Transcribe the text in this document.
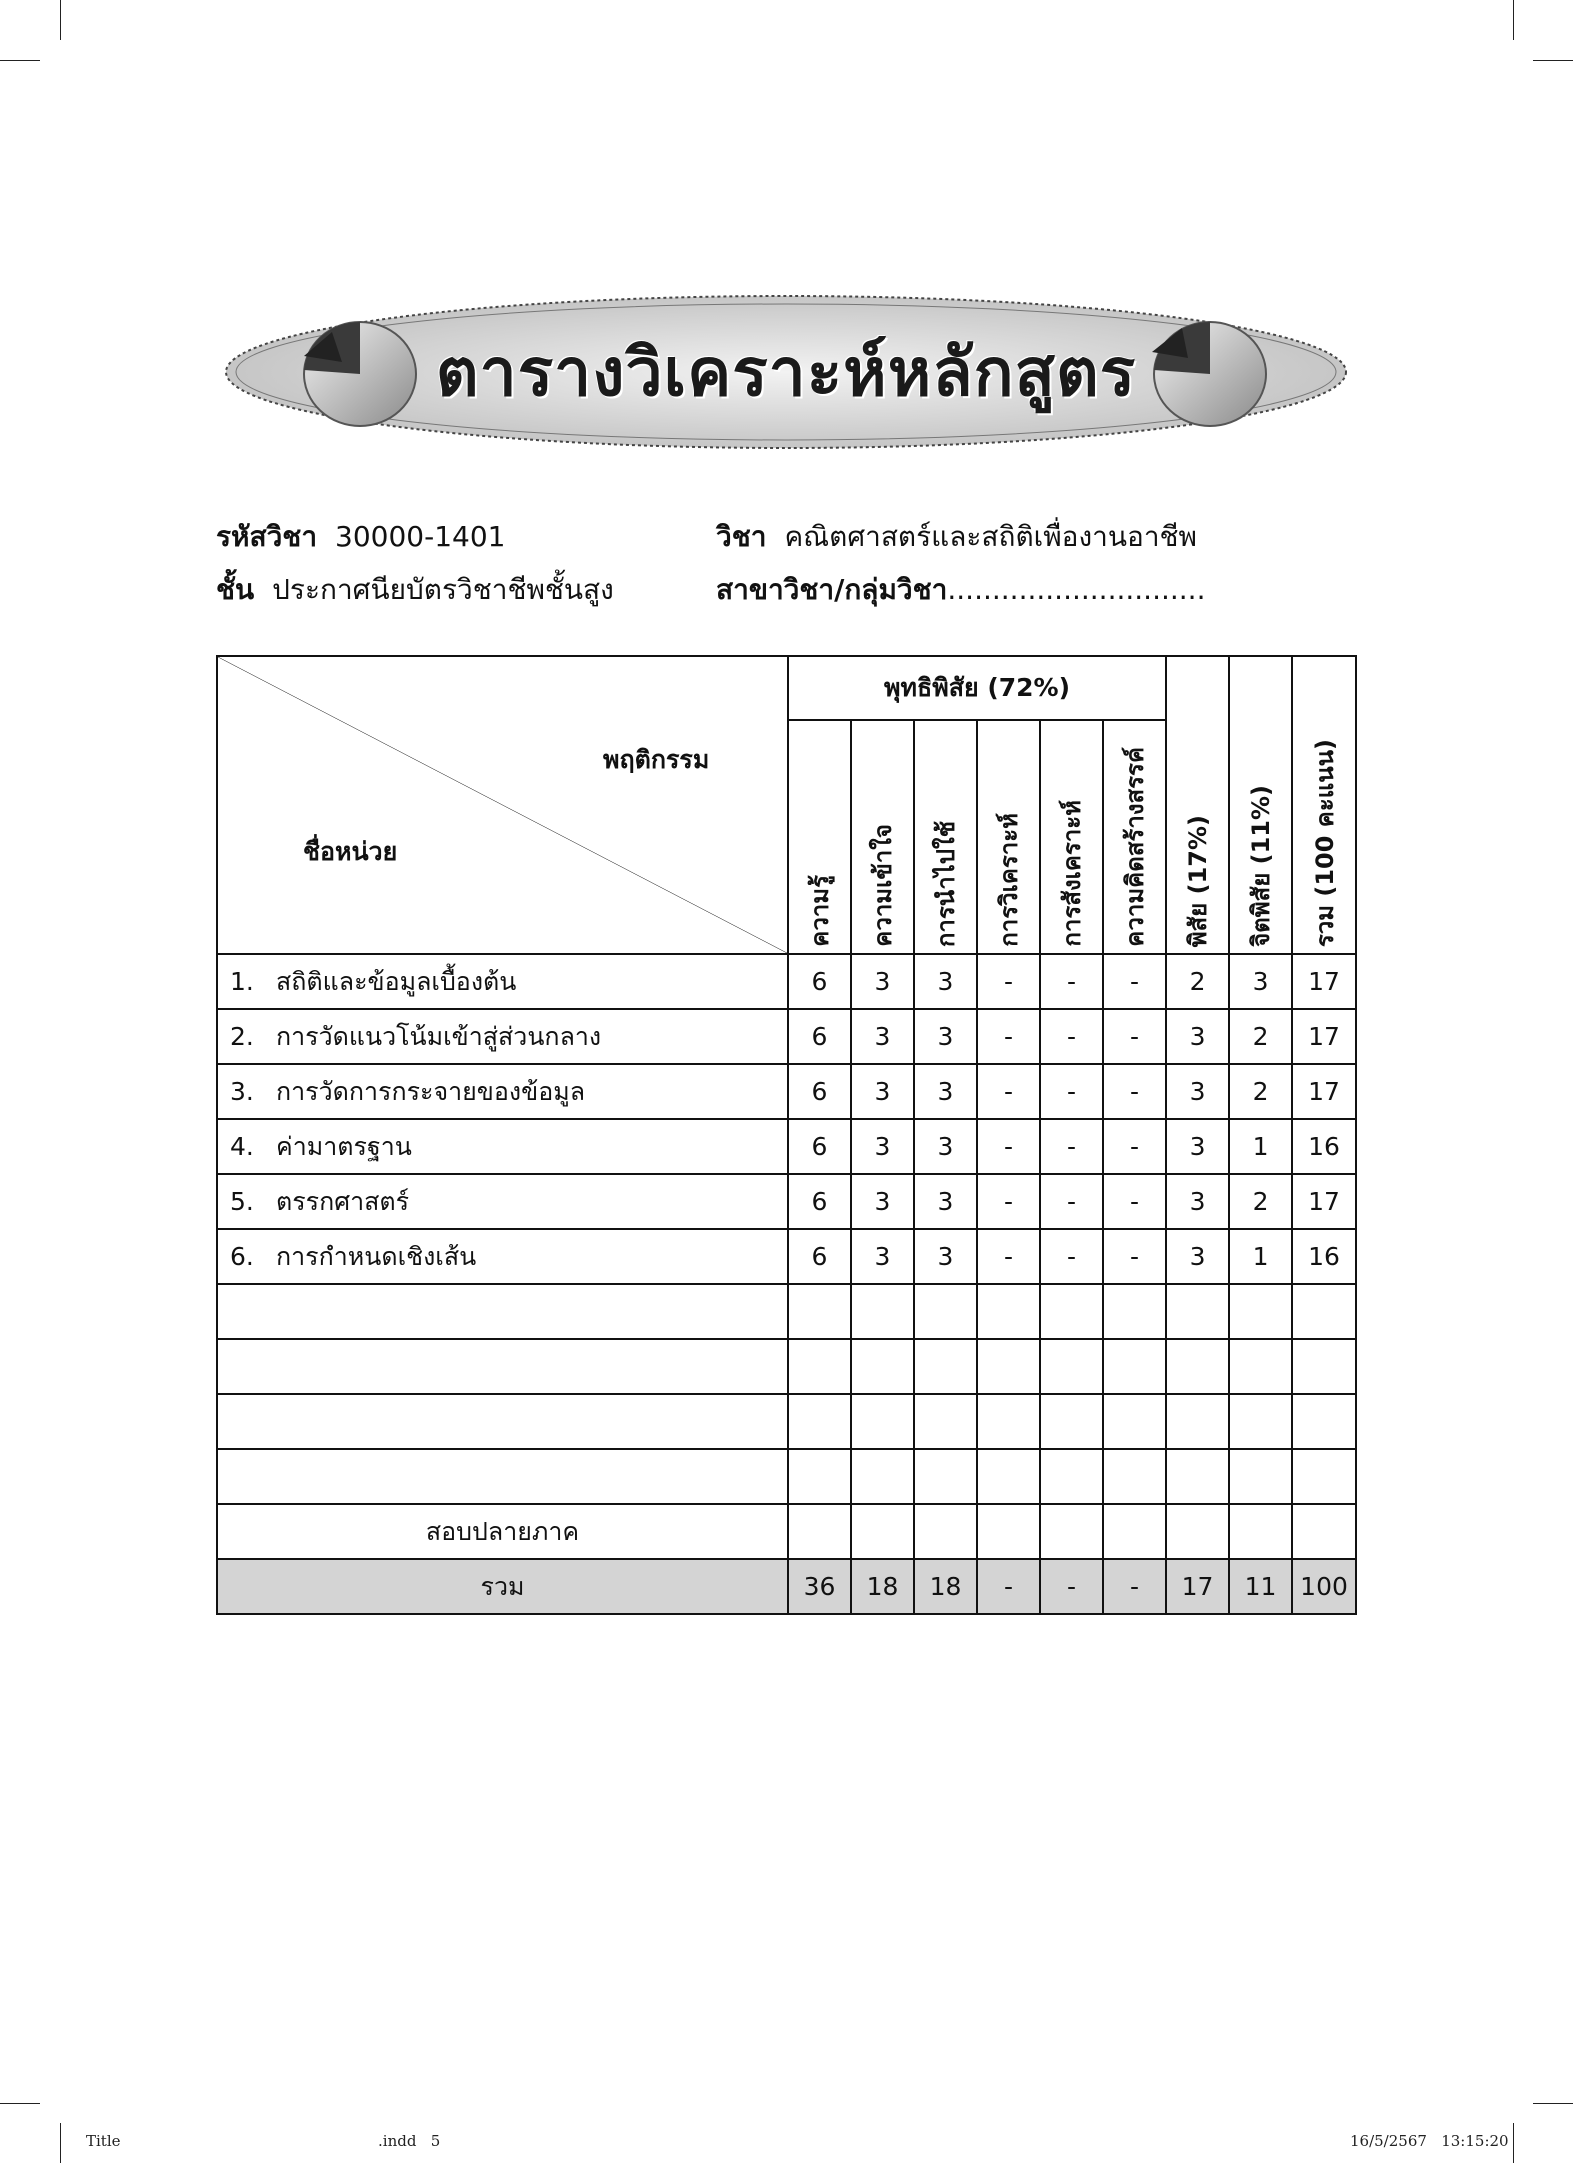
ตารางวิเคราะห์หลักสูตร
รหัสวิชา 30000-1401	วิชา คณิตศาสตร์และสถิติเพื่องานอาชีพ
ชั้น ประกาศนียบัตรวิชาชีพชั้นสูง	สาขาวิชา/กลุ่มวิชา.............................
พฤติกรรม
ชื่อหน่วย	พุทธิพิสัย (72%)						พิสัย (17%)	จิตพิสัย (11%)	รวม (100 คะแนน)
	ความรู้	ความเข้าใจ	การนำไปใช้	การวิเคราะห์	การสังเคราะห์	ความคิดสร้างสรรค์			
1. สถิติและข้อมูลเบื้องต้น	6	3	3	-	-	-	2	3	17
2. การวัดแนวโน้มเข้าสู่ส่วนกลาง	6	3	3	-	-	-	3	2	17
3. การวัดการกระจายของข้อมูล	6	3	3	-	-	-	3	2	17
4. ค่ามาตรฐาน	6	3	3	-	-	-	3	1	16
5. ตรรกศาสตร์	6	3	3	-	-	-	3	2	17
6. การกำหนดเชิงเส้น	6	3	3	-	-	-	3	1	16

สอบปลายภาค									
รวม	36	18	18	-	-	-	17	11	100
Title	.indd   5	16/5/2567   13:15:20
